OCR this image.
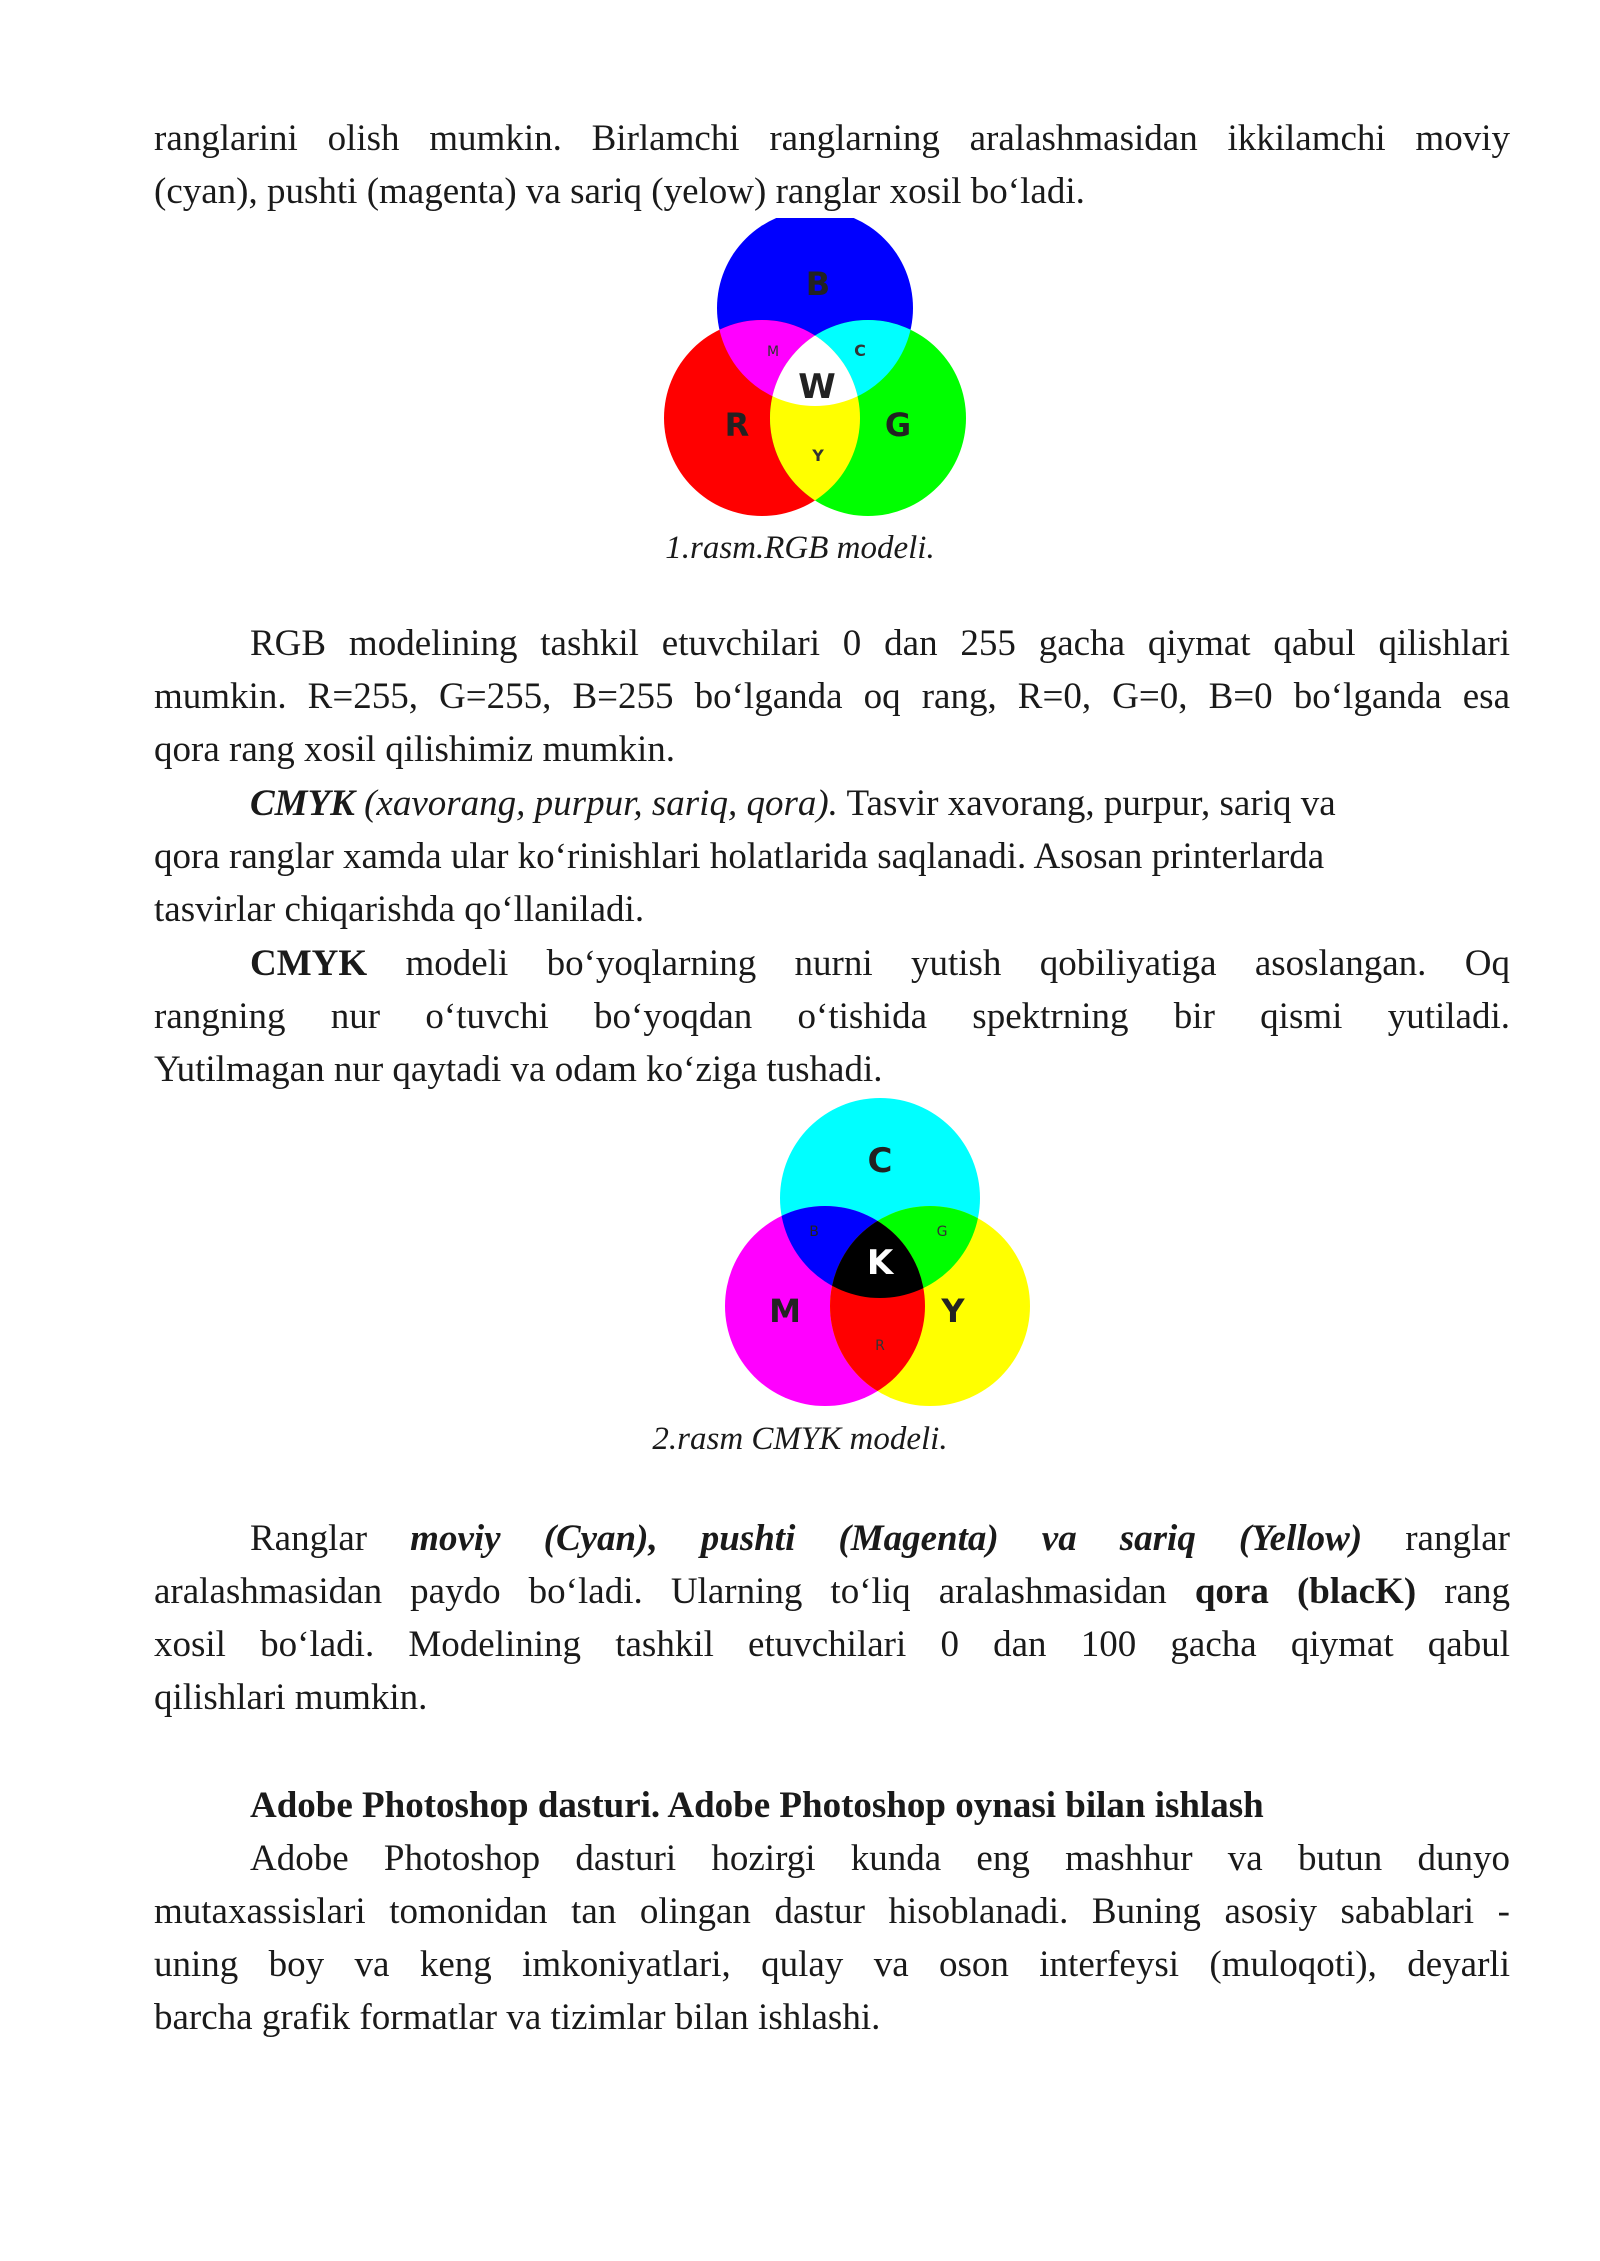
ranglarini olish mumkin. Birlamchi ranglarning aralashmasidan ikkilamchi moviy

(cyan), pushti (magenta) va sariq (yelow) ranglar xosil bo‘ladi.

B
R	G
W
M	C
Y
1.rasm.RGB modeli.

RGB modelining tashkil etuvchilari 0 dan 255 gacha qiymat qabul qilishlari

mumkin. R=255, G=255, B=255 bo‘lganda oq rang, R=0, G=0, B=0 bo‘lganda esa

qora rang xosil qilishimiz mumkin.

CMYK (xavorang, purpur, sariq, qora). Tasvir xavorang, purpur, sariq va

qora ranglar xamda ular ko‘rinishlari holatlarida saqlanadi. Asosan printerlarda

tasvirlar chiqarishda qo‘llaniladi.

CMYK modeli bo‘yoqlarning nurni yutish qobiliyatiga asoslangan. Oq

rangning nur o‘tuvchi bo‘yoqdan o‘tishida spektrning bir qismi yutiladi.

Yutilmagan nur qaytadi va odam ko‘ziga tushadi.

C
M	Y
K
B	G
R
2.rasm CMYK modeli.

Ranglar moviy (Cyan), pushti (Magenta) va sariq (Yellow) ranglar

aralashmasidan paydo bo‘ladi. Ularning to‘liq aralashmasidan qora (blacK) rang

xosil bo‘ladi. Modelining tashkil etuvchilari 0 dan 100 gacha qiymat qabul

qilishlari mumkin.

Adobe Photoshop dasturi. Adobe Photoshop oynasi bilan ishlash

Adobe Photoshop dasturi hozirgi kunda eng mashhur va butun dunyo

mutaxassislari tomonidan tan olingan dastur hisoblanadi. Buning asosiy sabablari -

uning boy va keng imkoniyatlari, qulay va oson interfeysi (muloqoti), deyarli

barcha grafik formatlar va tizimlar bilan ishlashi.
